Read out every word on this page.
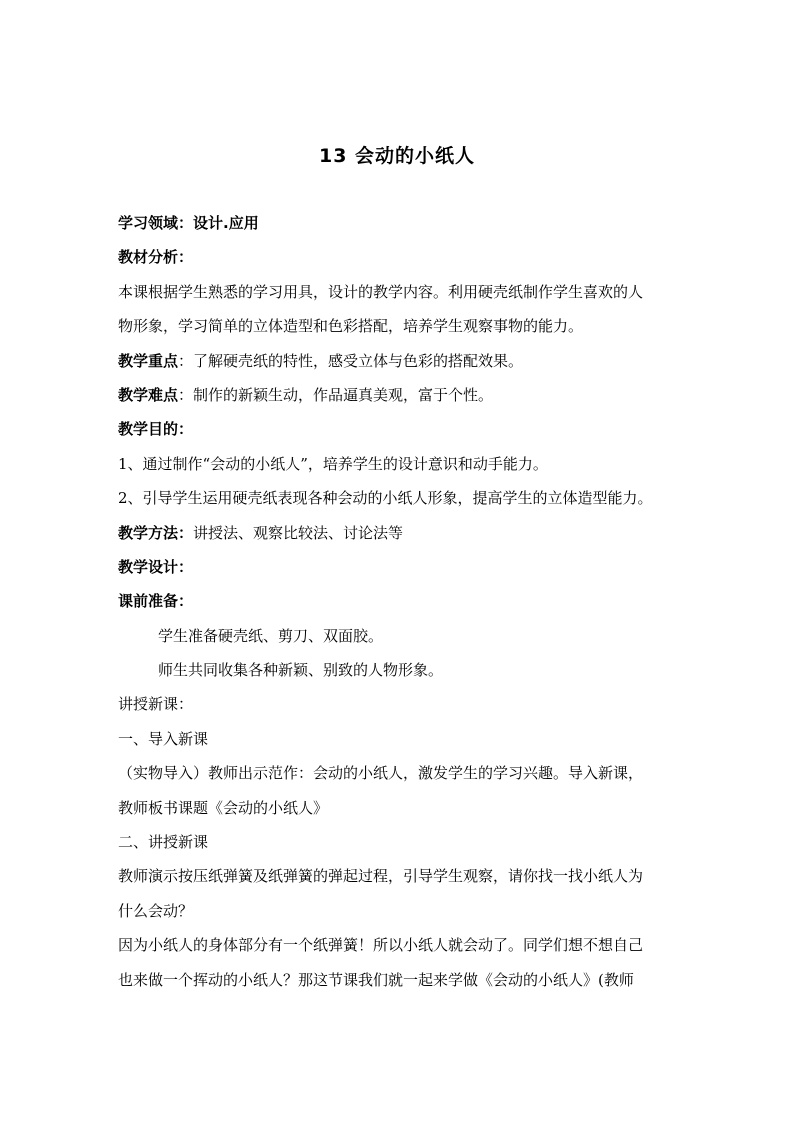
13 会动的小纸人
学习领域：设计.应用
教材分析：
本课根据学生熟悉的学习用具，设计的教学内容。利用硬壳纸制作学生喜欢的人
物形象，学习简单的立体造型和色彩搭配，培养学生观察事物的能力。
教学重点：了解硬壳纸的特性，感受立体与色彩的搭配效果。
教学难点：制作的新颖生动，作品逼真美观，富于个性。
教学目的：
1、通过制作“会动的小纸人”，培养学生的设计意识和动手能力。
2、引导学生运用硬壳纸表现各种会动的小纸人形象，提高学生的立体造型能力。
教学方法：讲授法、观察比较法、讨论法等
教学设计：
课前准备：
学生准备硬壳纸、剪刀、双面胶。
师生共同收集各种新颖、别致的人物形象。
讲授新课：
一、导入新课
（实物导入）教师出示范作：会动的小纸人，激发学生的学习兴趣。导入新课，
教师板书课题《会动的小纸人》
二、讲授新课
教师演示按压纸弹簧及纸弹簧的弹起过程，引导学生观察，请你找一找小纸人为
什么会动？
因为小纸人的身体部分有一个纸弹簧！所以小纸人就会动了。同学们想不想自己
也来做一个挥动的小纸人？那这节课我们就一起来学做《会动的小纸人》(教师
